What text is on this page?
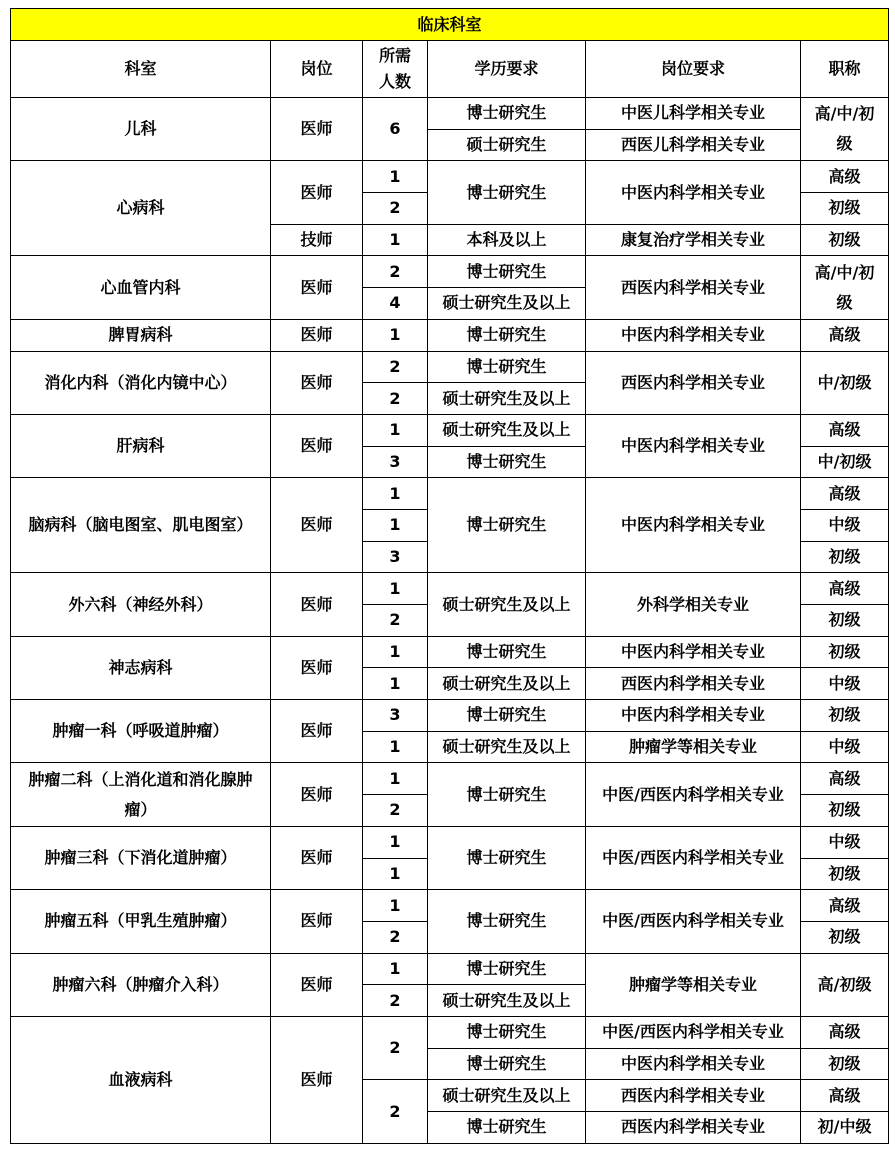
临床科室					
科室	岗位	所需人数	学历要求	岗位要求	职称
儿科	医师	6	博士研究生	中医儿科学相关专业	高/中/初级
			硕士研究生	西医儿科学相关专业	
心病科	医师	1	博士研究生	中医内科学相关专业	高级
		2			初级
	技师	1	本科及以上	康复治疗学相关专业	初级
心血管内科	医师	2	博士研究生	西医内科学相关专业	高/中/初级
		4	硕士研究生及以上		
脾胃病科	医师	1	博士研究生	中医内科学相关专业	高级
消化内科（消化内镜中心）	医师	2	博士研究生	西医内科学相关专业	中/初级
		2	硕士研究生及以上		
肝病科	医师	1	硕士研究生及以上	中医内科学相关专业	高级
		3	博士研究生		中/初级
脑病科（脑电图室、肌电图室）	医师	1	博士研究生	中医内科学相关专业	高级
		1			中级
		3			初级
外六科（神经外科）	医师	1	硕士研究生及以上	外科学相关专业	高级
		2			初级
神志病科	医师	1	博士研究生	中医内科学相关专业	初级
		1	硕士研究生及以上	西医内科学相关专业	中级
肿瘤一科（呼吸道肿瘤）	医师	3	博士研究生	中医内科学相关专业	初级
		1	硕士研究生及以上	肿瘤学等相关专业	中级
肿瘤二科（上消化道和消化腺肿瘤）	医师	1	博士研究生	中医/西医内科学相关专业	高级
		2			初级
肿瘤三科（下消化道肿瘤）	医师	1	博士研究生	中医/西医内科学相关专业	中级
		1			初级
肿瘤五科（甲乳生殖肿瘤）	医师	1	博士研究生	中医/西医内科学相关专业	高级
		2			初级
肿瘤六科（肿瘤介入科）	医师	1	博士研究生	肿瘤学等相关专业	高/初级
		2	硕士研究生及以上		
血液病科	医师	2	博士研究生	中医/西医内科学相关专业	高级
			博士研究生	中医内科学相关专业	初级
		2	硕士研究生及以上	西医内科学相关专业	高级
			博士研究生	西医内科学相关专业	初/中级
